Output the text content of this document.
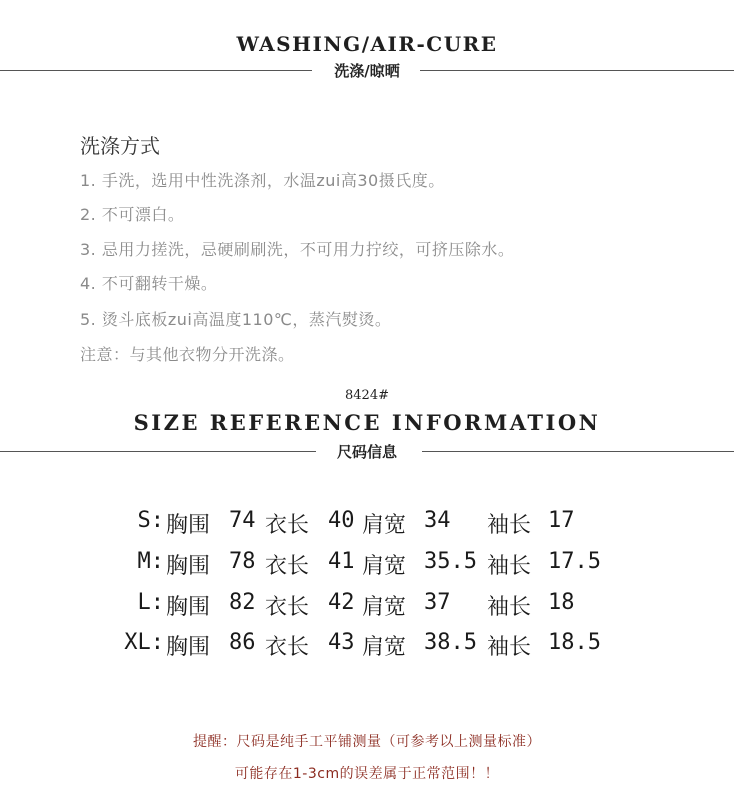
WASHING/AIR-CURE
洗涤/晾晒
洗涤方式
1. 手洗，选用中性洗涤剂，水温zui高30摄氏度。
2. 不可漂白。
3. 忌用力搓洗，忌硬刷刷洗，不可用力拧绞，可挤压除水。
4. 不可翻转干燥。
5. 烫斗底板zui高温度110℃，蒸汽熨烫。
注意：与其他衣物分开洗涤。
8424#
SIZE REFERENCE INFORMATION
尺码信息
S: 胸围 74 衣长 40 肩宽 34 袖长 17
M: 胸围 78 衣长 41 肩宽 35.5 袖长 17.5
L: 胸围 82 衣长 42 肩宽 37 袖长 18
XL: 胸围 86 衣长 43 肩宽 38.5 袖长 18.5
提醒：尺码是纯手工平铺测量（可参考以上测量标准）
可能存在1-3cm的误差属于正常范围！！
